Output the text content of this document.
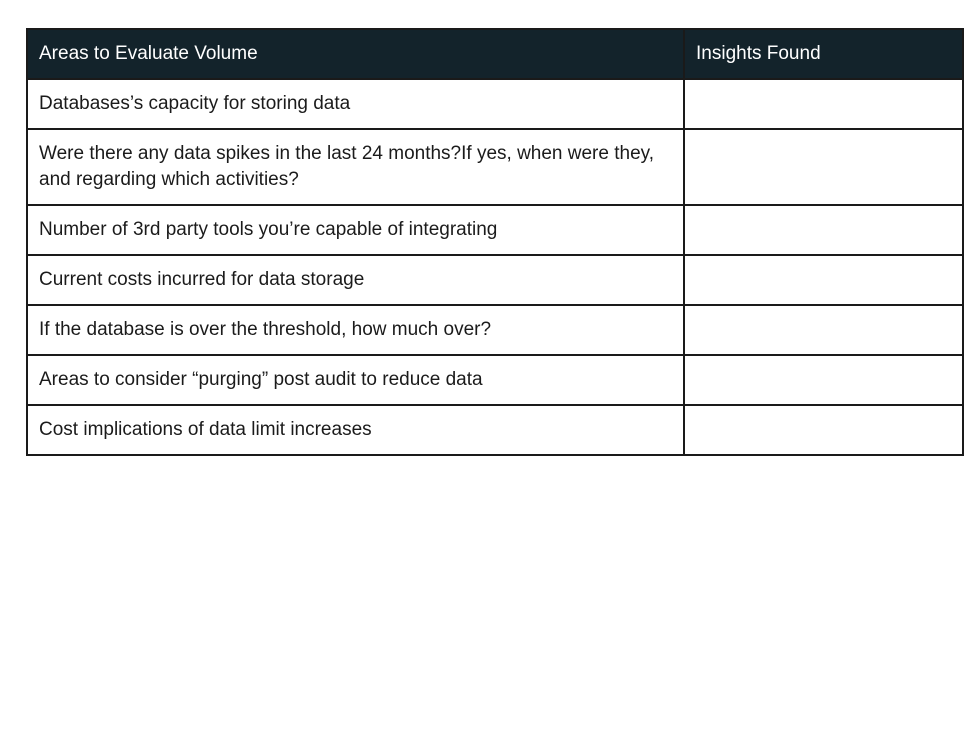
Areas to Evaluate Volume	Insights Found
Databases’s capacity for storing data	
Were there any data spikes in the last 24 months?If yes, when were they, and regarding which activities?	
Number of 3rd party tools you’re capable of integrating	
Current costs incurred for data storage	
If the database is over the threshold, how much over?	
Areas to consider “purging” post audit to reduce data	
Cost implications of data limit increases	
